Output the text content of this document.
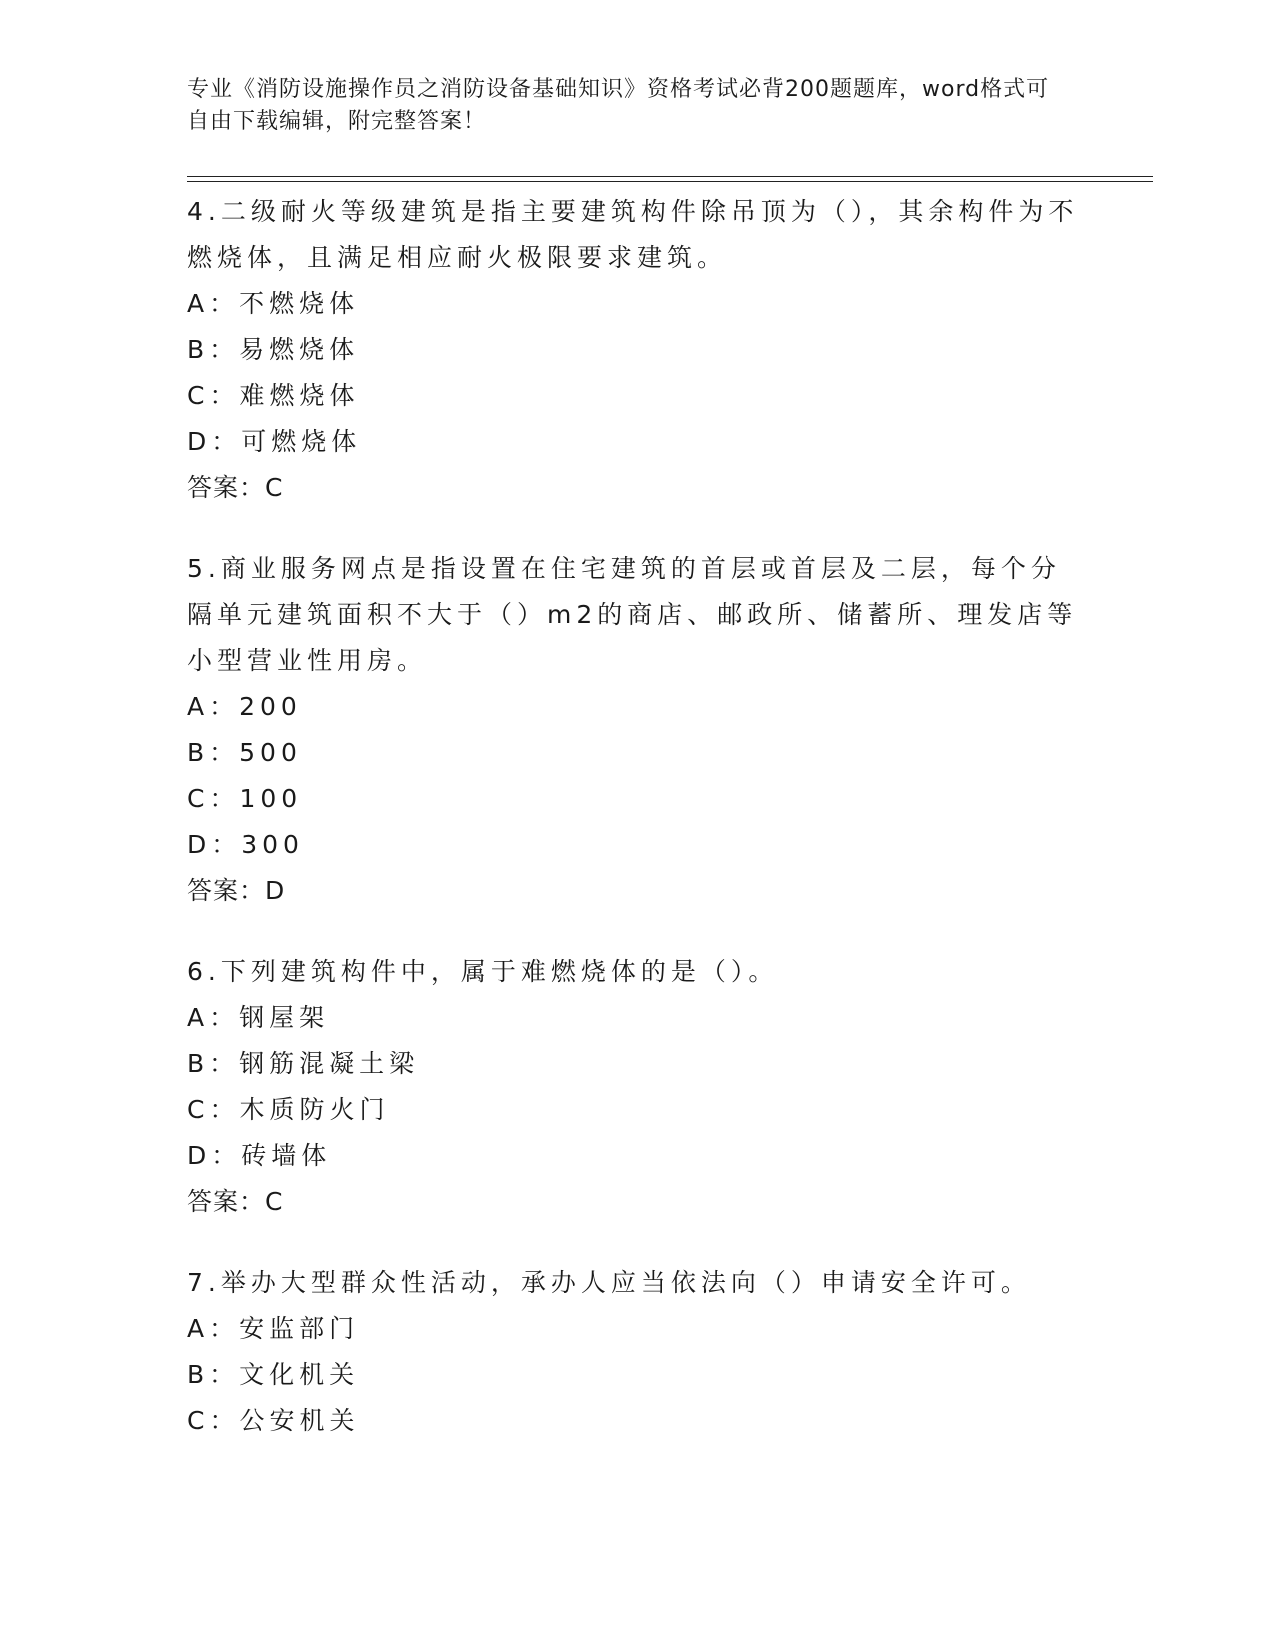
专业《消防设施操作员之消防设备基础知识》资格考试必背200题题库，word格式可自由下载编辑，附完整答案！

4.二级耐火等级建筑是指主要建筑构件除吊顶为（），其余构件为不燃烧体，且满足相应耐火极限要求建筑。

A：不燃烧体

B：易燃烧体

C：难燃烧体

D：可燃烧体

答案：C

5.商业服务网点是指设置在住宅建筑的首层或首层及二层，每个分隔单元建筑面积不大于（）m2的商店、邮政所、储蓄所、理发店等小型营业性用房。

A：200

B：500

C：100

D：300

答案：D

6.下列建筑构件中，属于难燃烧体的是（）。

A：钢屋架

B：钢筋混凝土梁

C：木质防火门

D：砖墙体

答案：C

7.举办大型群众性活动，承办人应当依法向（）申请安全许可。

A：安监部门

B：文化机关

C：公安机关
